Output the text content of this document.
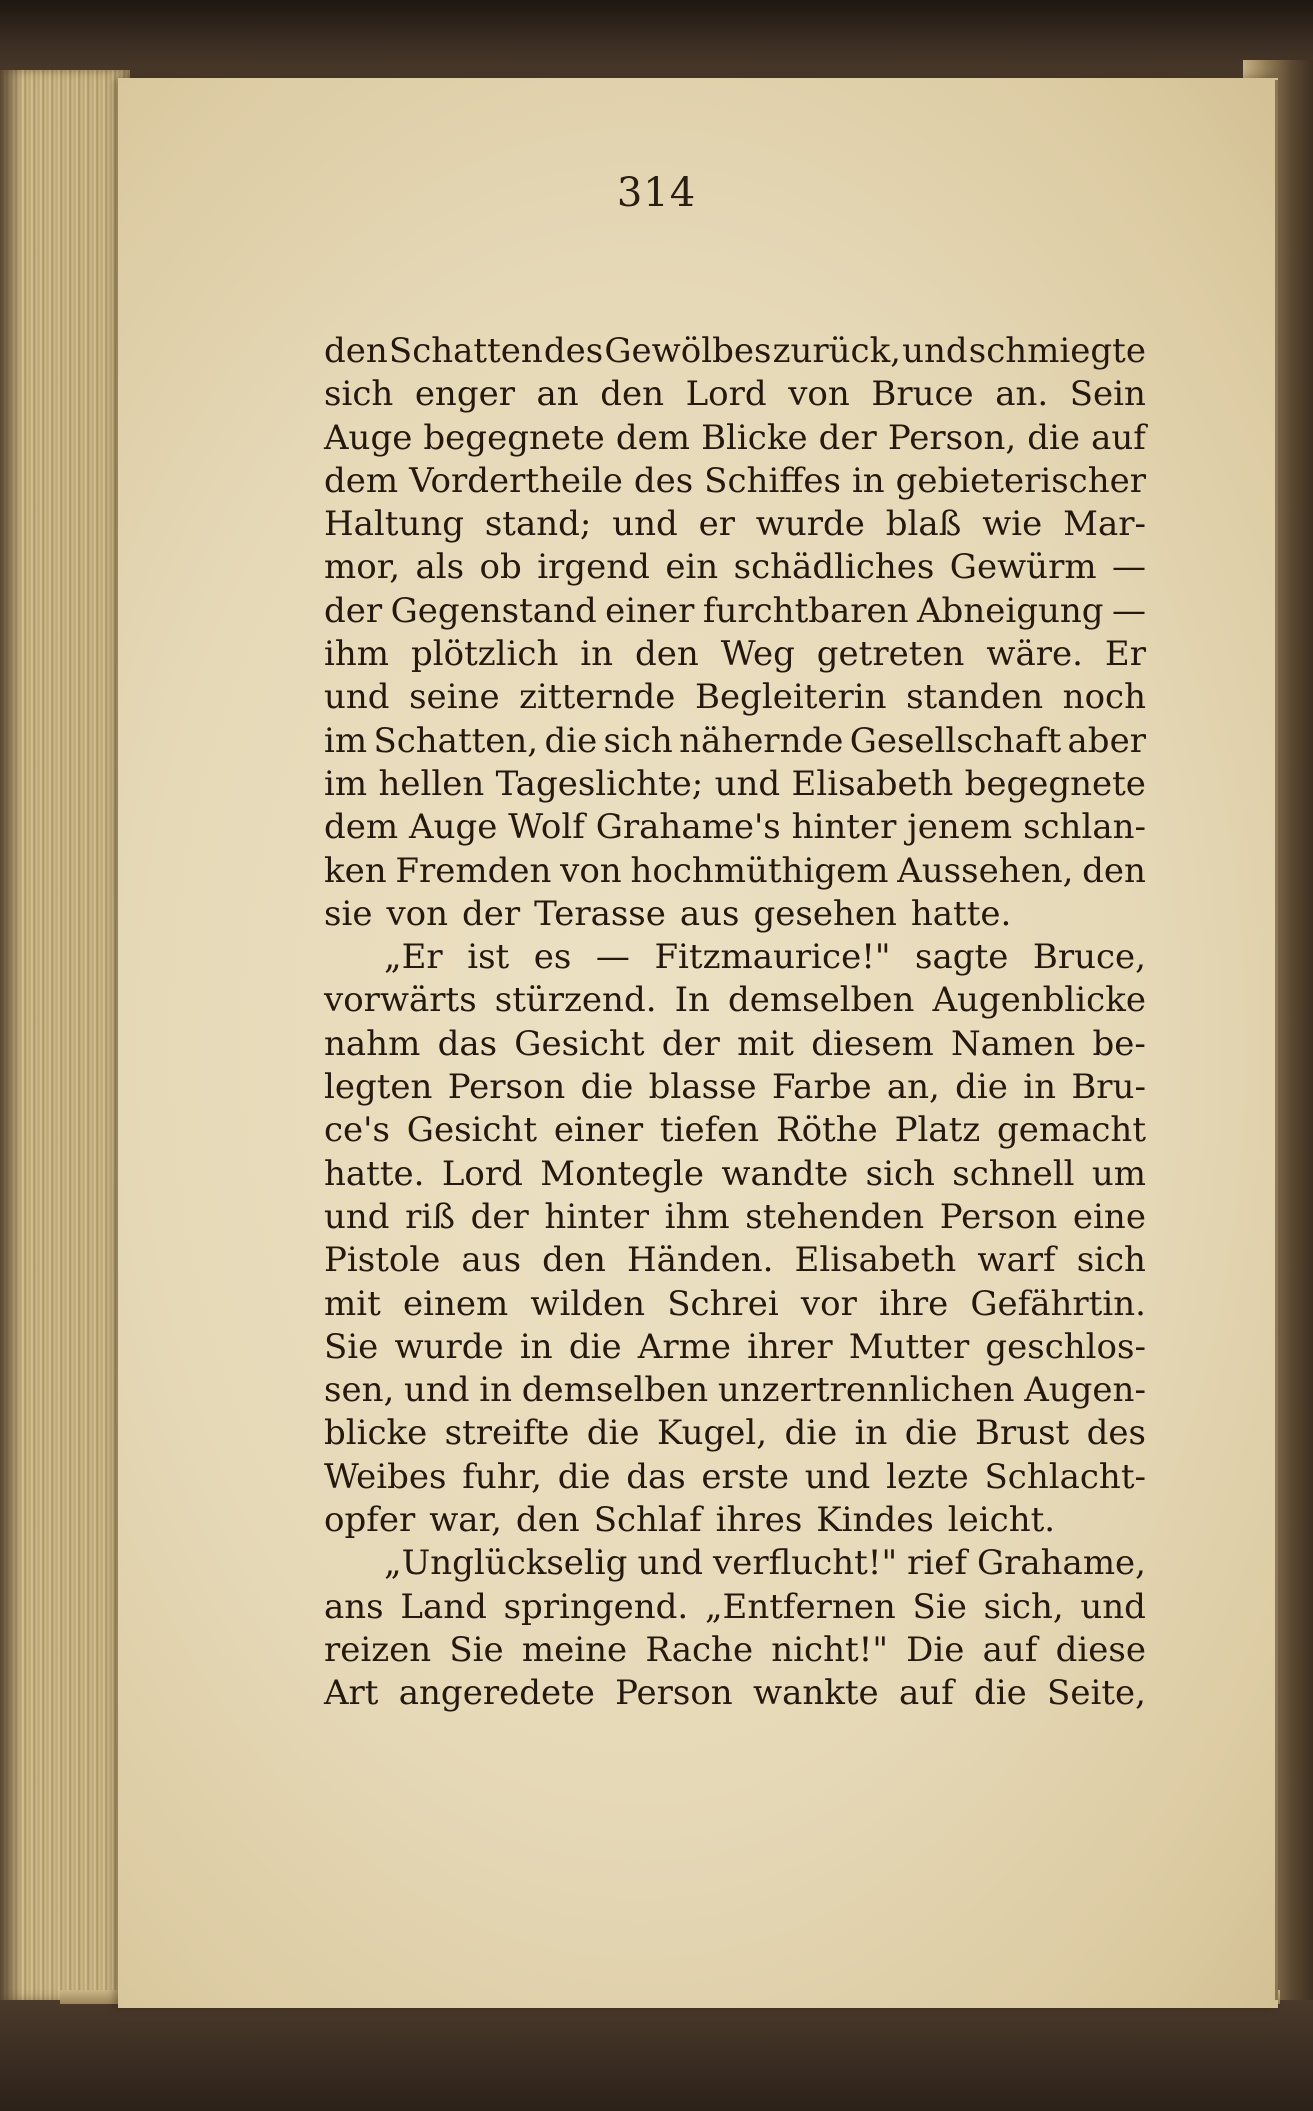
314
den Schatten des Gewölbes zurück, und schmiegte
sich enger an den Lord von Bruce an. Sein
Auge begegnete dem Blicke der Person, die auf
dem Vordertheile des Schiffes in gebieterischer
Haltung stand; und er wurde blaß wie Mar-
mor, als ob irgend ein schädliches Gewürm —
der Gegenstand einer furchtbaren Abneigung —
ihm plötzlich in den Weg getreten wäre. Er
und seine zitternde Begleiterin standen noch
im Schatten, die sich nähernde Gesellschaft aber
im hellen Tageslichte; und Elisabeth begegnete
dem Auge Wolf Grahame's hinter jenem schlan-
ken Fremden von hochmüthigem Aussehen, den
sie von der Terasse aus gesehen hatte.
„Er ist es — Fitzmaurice!" sagte Bruce,
vorwärts stürzend. In demselben Augenblicke
nahm das Gesicht der mit diesem Namen be-
legten Person die blasse Farbe an, die in Bru-
ce's Gesicht einer tiefen Röthe Platz gemacht
hatte. Lord Montegle wandte sich schnell um
und riß der hinter ihm stehenden Person eine
Pistole aus den Händen. Elisabeth warf sich
mit einem wilden Schrei vor ihre Gefährtin.
Sie wurde in die Arme ihrer Mutter geschlos-
sen, und in demselben unzertrennlichen Augen-
blicke streifte die Kugel, die in die Brust des
Weibes fuhr, die das erste und lezte Schlacht-
opfer war, den Schlaf ihres Kindes leicht.
„Unglückselig und verflucht!" rief Grahame,
ans Land springend. „Entfernen Sie sich, und
reizen Sie meine Rache nicht!" Die auf diese
Art angeredete Person wankte auf die Seite,
